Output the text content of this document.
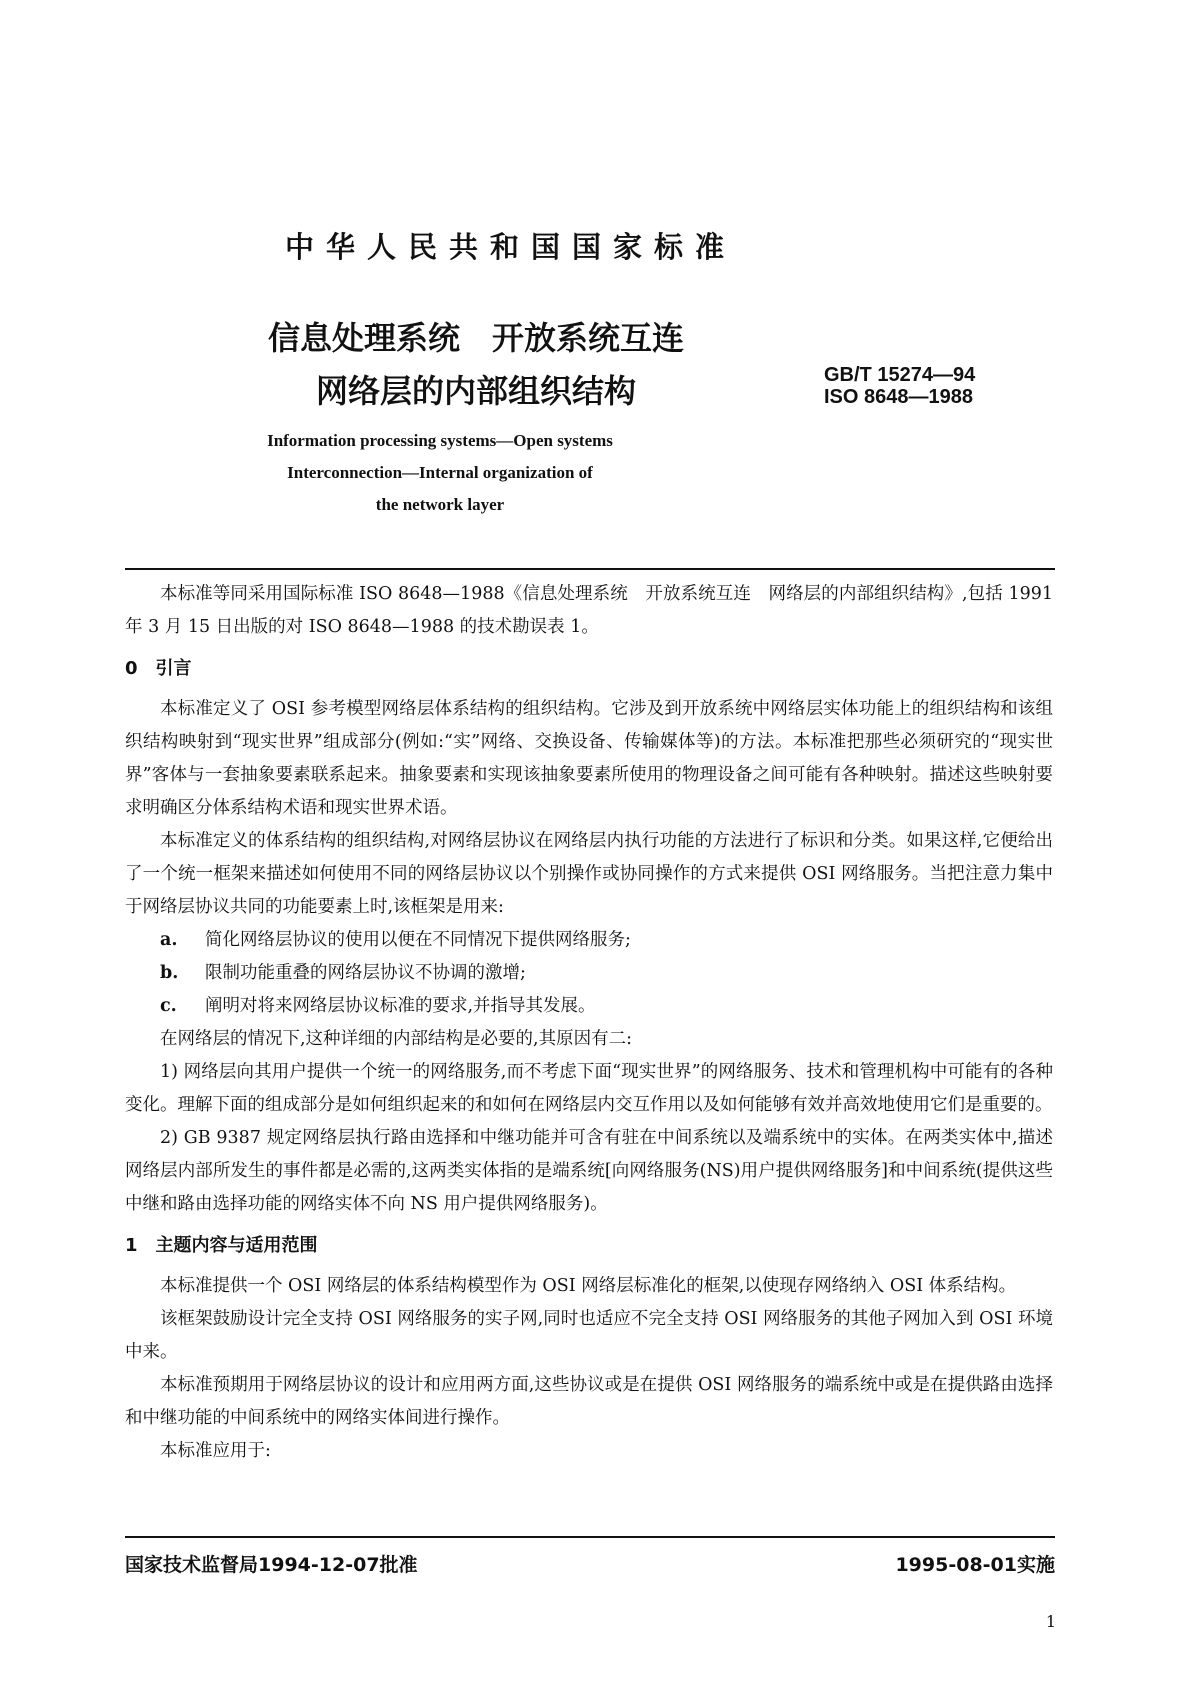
中华人民共和国国家标准
信息处理系统　开放系统互连
网络层的内部组织结构	GB/T 15274—94
ISO 8648—1988
Information processing systems—Open systems
Interconnection—Internal organization of
the network layer

本标准等同采用国际标准 ISO 8648—1988《信息处理系统　开放系统互连　网络层的内部组织结构》,包括 1991 年 3 月 15 日出版的对 ISO 8648—1988 的技术勘误表 1。

0　引言

本标准定义了 OSI 参考模型网络层体系结构的组织结构。它涉及到开放系统中网络层实体功能上的组织结构和该组织结构映射到“现实世界”组成部分(例如:“实”网络、交换设备、传输媒体等)的方法。本标准把那些必须研究的“现实世界”客体与一套抽象要素联系起来。抽象要素和实现该抽象要素所使用的物理设备之间可能有各种映射。描述这些映射要求明确区分体系结构术语和现实世界术语。

本标准定义的体系结构的组织结构,对网络层协议在网络层内执行功能的方法进行了标识和分类。如果这样,它便给出了一个统一框架来描述如何使用不同的网络层协议以个别操作或协同操作的方式来提供 OSI 网络服务。当把注意力集中于网络层协议共同的功能要素上时,该框架是用来:

a. 简化网络层协议的使用以便在不同情况下提供网络服务;

b. 限制功能重叠的网络层协议不协调的激增;

c. 阐明对将来网络层协议标准的要求,并指导其发展。

在网络层的情况下,这种详细的内部结构是必要的,其原因有二:

1) 网络层向其用户提供一个统一的网络服务,而不考虑下面“现实世界”的网络服务、技术和管理机构中可能有的各种变化。理解下面的组成部分是如何组织起来的和如何在网络层内交互作用以及如何能够有效并高效地使用它们是重要的。

2) GB 9387 规定网络层执行路由选择和中继功能并可含有驻在中间系统以及端系统中的实体。在两类实体中,描述网络层内部所发生的事件都是必需的,这两类实体指的是端系统[向网络服务(NS)用户提供网络服务]和中间系统(提供这些中继和路由选择功能的网络实体不向 NS 用户提供网络服务)。

1　主题内容与适用范围

本标准提供一个 OSI 网络层的体系结构模型作为 OSI 网络层标准化的框架,以使现存网络纳入 OSI 体系结构。

该框架鼓励设计完全支持 OSI 网络服务的实子网,同时也适应不完全支持 OSI 网络服务的其他子网加入到 OSI 环境中来。

本标准预期用于网络层协议的设计和应用两方面,这些协议或是在提供 OSI 网络服务的端系统中或是在提供路由选择和中继功能的中间系统中的网络实体间进行操作。

本标准应用于:

国家技术监督局1994-12-07批准	1995-08-01实施
1
